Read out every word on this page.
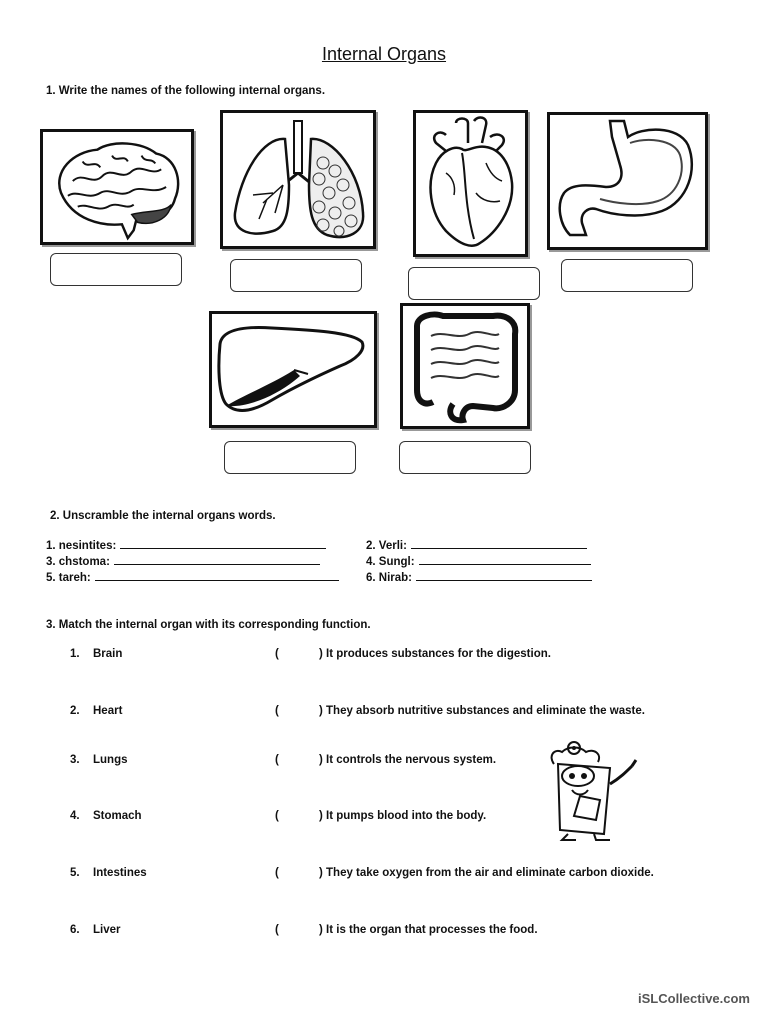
Internal Organs
1. Write the names of the following internal organs.
2. Unscramble the internal organs words.
1. nesintites:	2. Verli:
3. chstoma:	4. Sungl:
5. tareh:	6. Nirab:
3. Match the internal organ with its corresponding function.
1. Brain	(	) It produces substances for the digestion.
2. Heart	(	) They absorb nutritive substances and eliminate the waste.
3. Lungs	(	) It controls the nervous system.
4. Stomach	(	) It pumps blood into the body.
5. Intestines	(	) They take oxygen from the air and eliminate carbon dioxide.
6. Liver	(	) It is the organ that processes the food.
iSLCollective.com
